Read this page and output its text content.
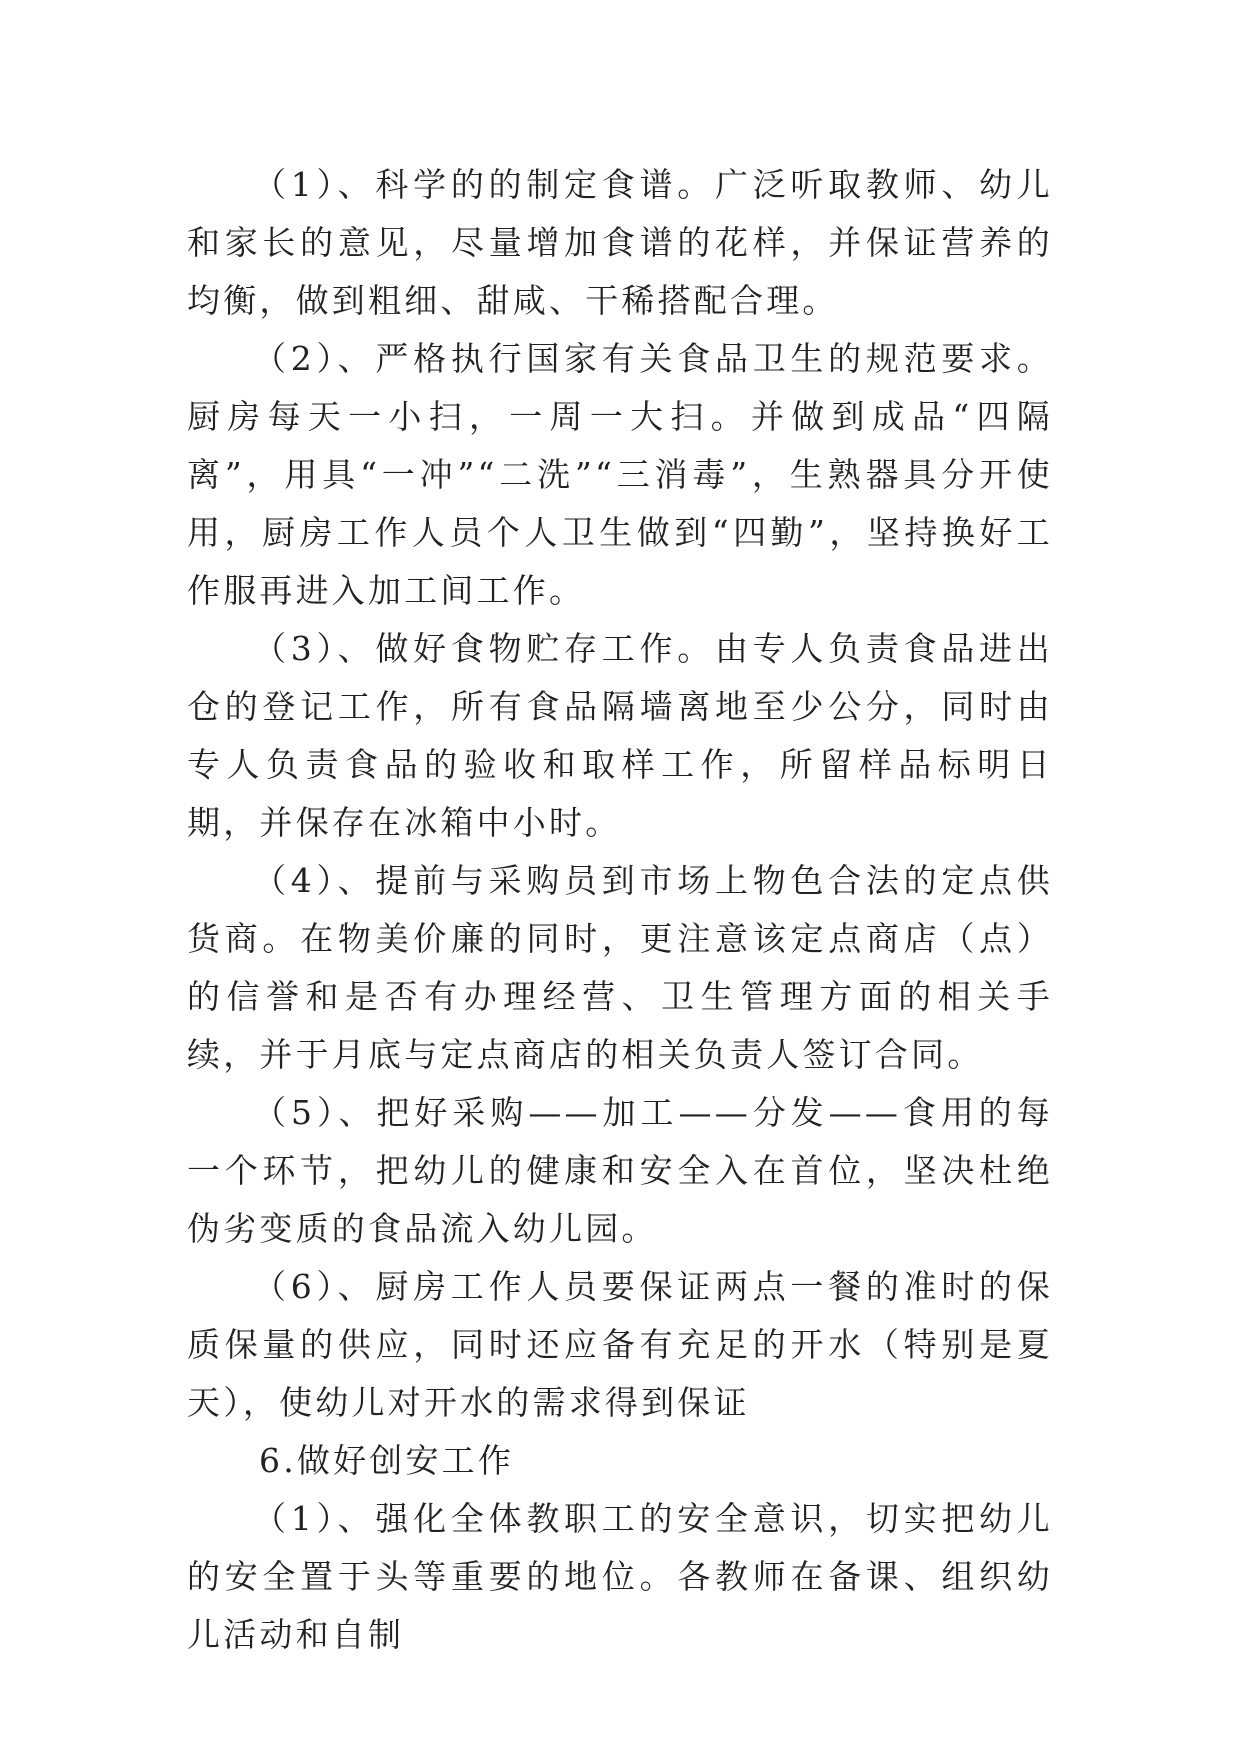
（1）、科学的的制定食谱。广泛听取教师、幼儿和家长的意见，尽量增加食谱的花样，并保证营养的均衡，做到粗细、甜咸、干稀搭配合理。

（2）、严格执行国家有关食品卫生的规范要求。厨房每天一小扫，一周一大扫。并做到成品“四隔离”，用具“一冲”“二洗”“三消毒”，生熟器具分开使用，厨房工作人员个人卫生做到“四勤”，坚持换好工作服再进入加工间工作。

（3）、做好食物贮存工作。由专人负责食品进出仓的登记工作，所有食品隔墙离地至少公分，同时由专人负责食品的验收和取样工作，所留样品标明日期，并保存在冰箱中小时。

（4）、提前与采购员到市场上物色合法的定点供货商。在物美价廉的同时，更注意该定点商店（点）的信誉和是否有办理经营、卫生管理方面的相关手续，并于月底与定点商店的相关负责人签订合同。

（5）、把好采购——加工——分发——食用的每一个环节，把幼儿的健康和安全入在首位，坚决杜绝伪劣变质的食品流入幼儿园。

（6）、厨房工作人员要保证两点一餐的准时的保质保量的供应，同时还应备有充足的开水（特别是夏天），使幼儿对开水的需求得到保证

6.做好创安工作

（1）、强化全体教职工的安全意识，切实把幼儿的安全置于头等重要的地位。各教师在备课、组织幼儿活动和自制
